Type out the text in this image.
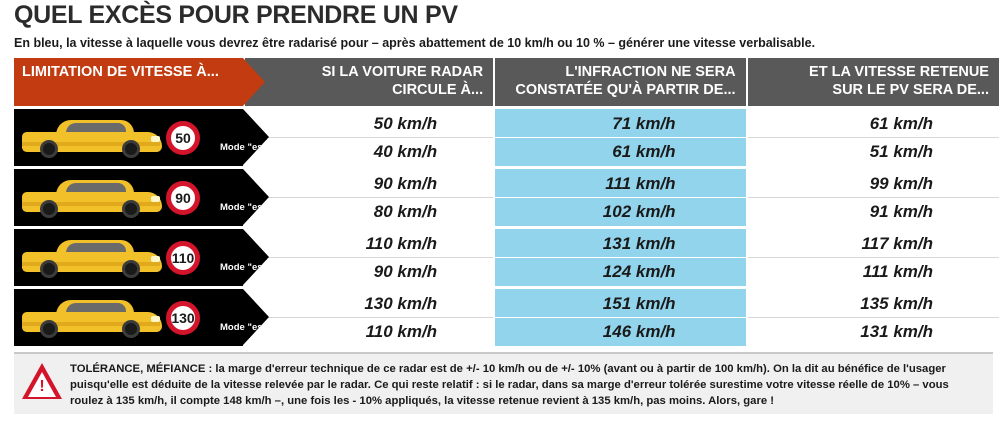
QUEL EXCÈS POUR PRENDRE UN PV
En bleu, la vitesse à laquelle vous devrez être radarisé pour – après abattement de 10 km/h ou 10 % – générer une vitesse verbalisable.
LIMITATION DE VITESSE À...	SI LA VOITURE RADAR
CIRCULE À...
L'INFRACTION NE SERA
CONSTATÉE QU'À PARTIR DE...
ET LA VITESSE RETENUE
SUR LE PV SERA DE...
50
Mode "escargot"
50 km/h
40 km/h
71 km/h
61 km/h
61 km/h
51 km/h
90
Mode "escargot"
90 km/h
80 km/h
111 km/h
102 km/h
99 km/h
91 km/h
110
Mode "escargot"
110 km/h
90 km/h
131 km/h
124 km/h
117 km/h
111 km/h
130
Mode "escargot"
130 km/h
110 km/h
151 km/h
146 km/h
135 km/h
131 km/h
!
TOLÉRANCE, MÉFIANCE : la marge d'erreur technique de ce radar est de +/- 10 km/h ou de +/- 10% (avant ou à partir de 100 km/h). On la dit au bénéfice de l'usager puisqu'elle est déduite de la vitesse relevée par le radar. Ce qui reste relatif : si le radar, dans sa marge d'erreur tolérée surestime votre vitesse réelle de 10% – vous roulez à 135 km/h, il compte 148 km/h –, une fois les - 10% appliqués, la vitesse retenue revient à 135 km/h, pas moins. Alors, gare !
